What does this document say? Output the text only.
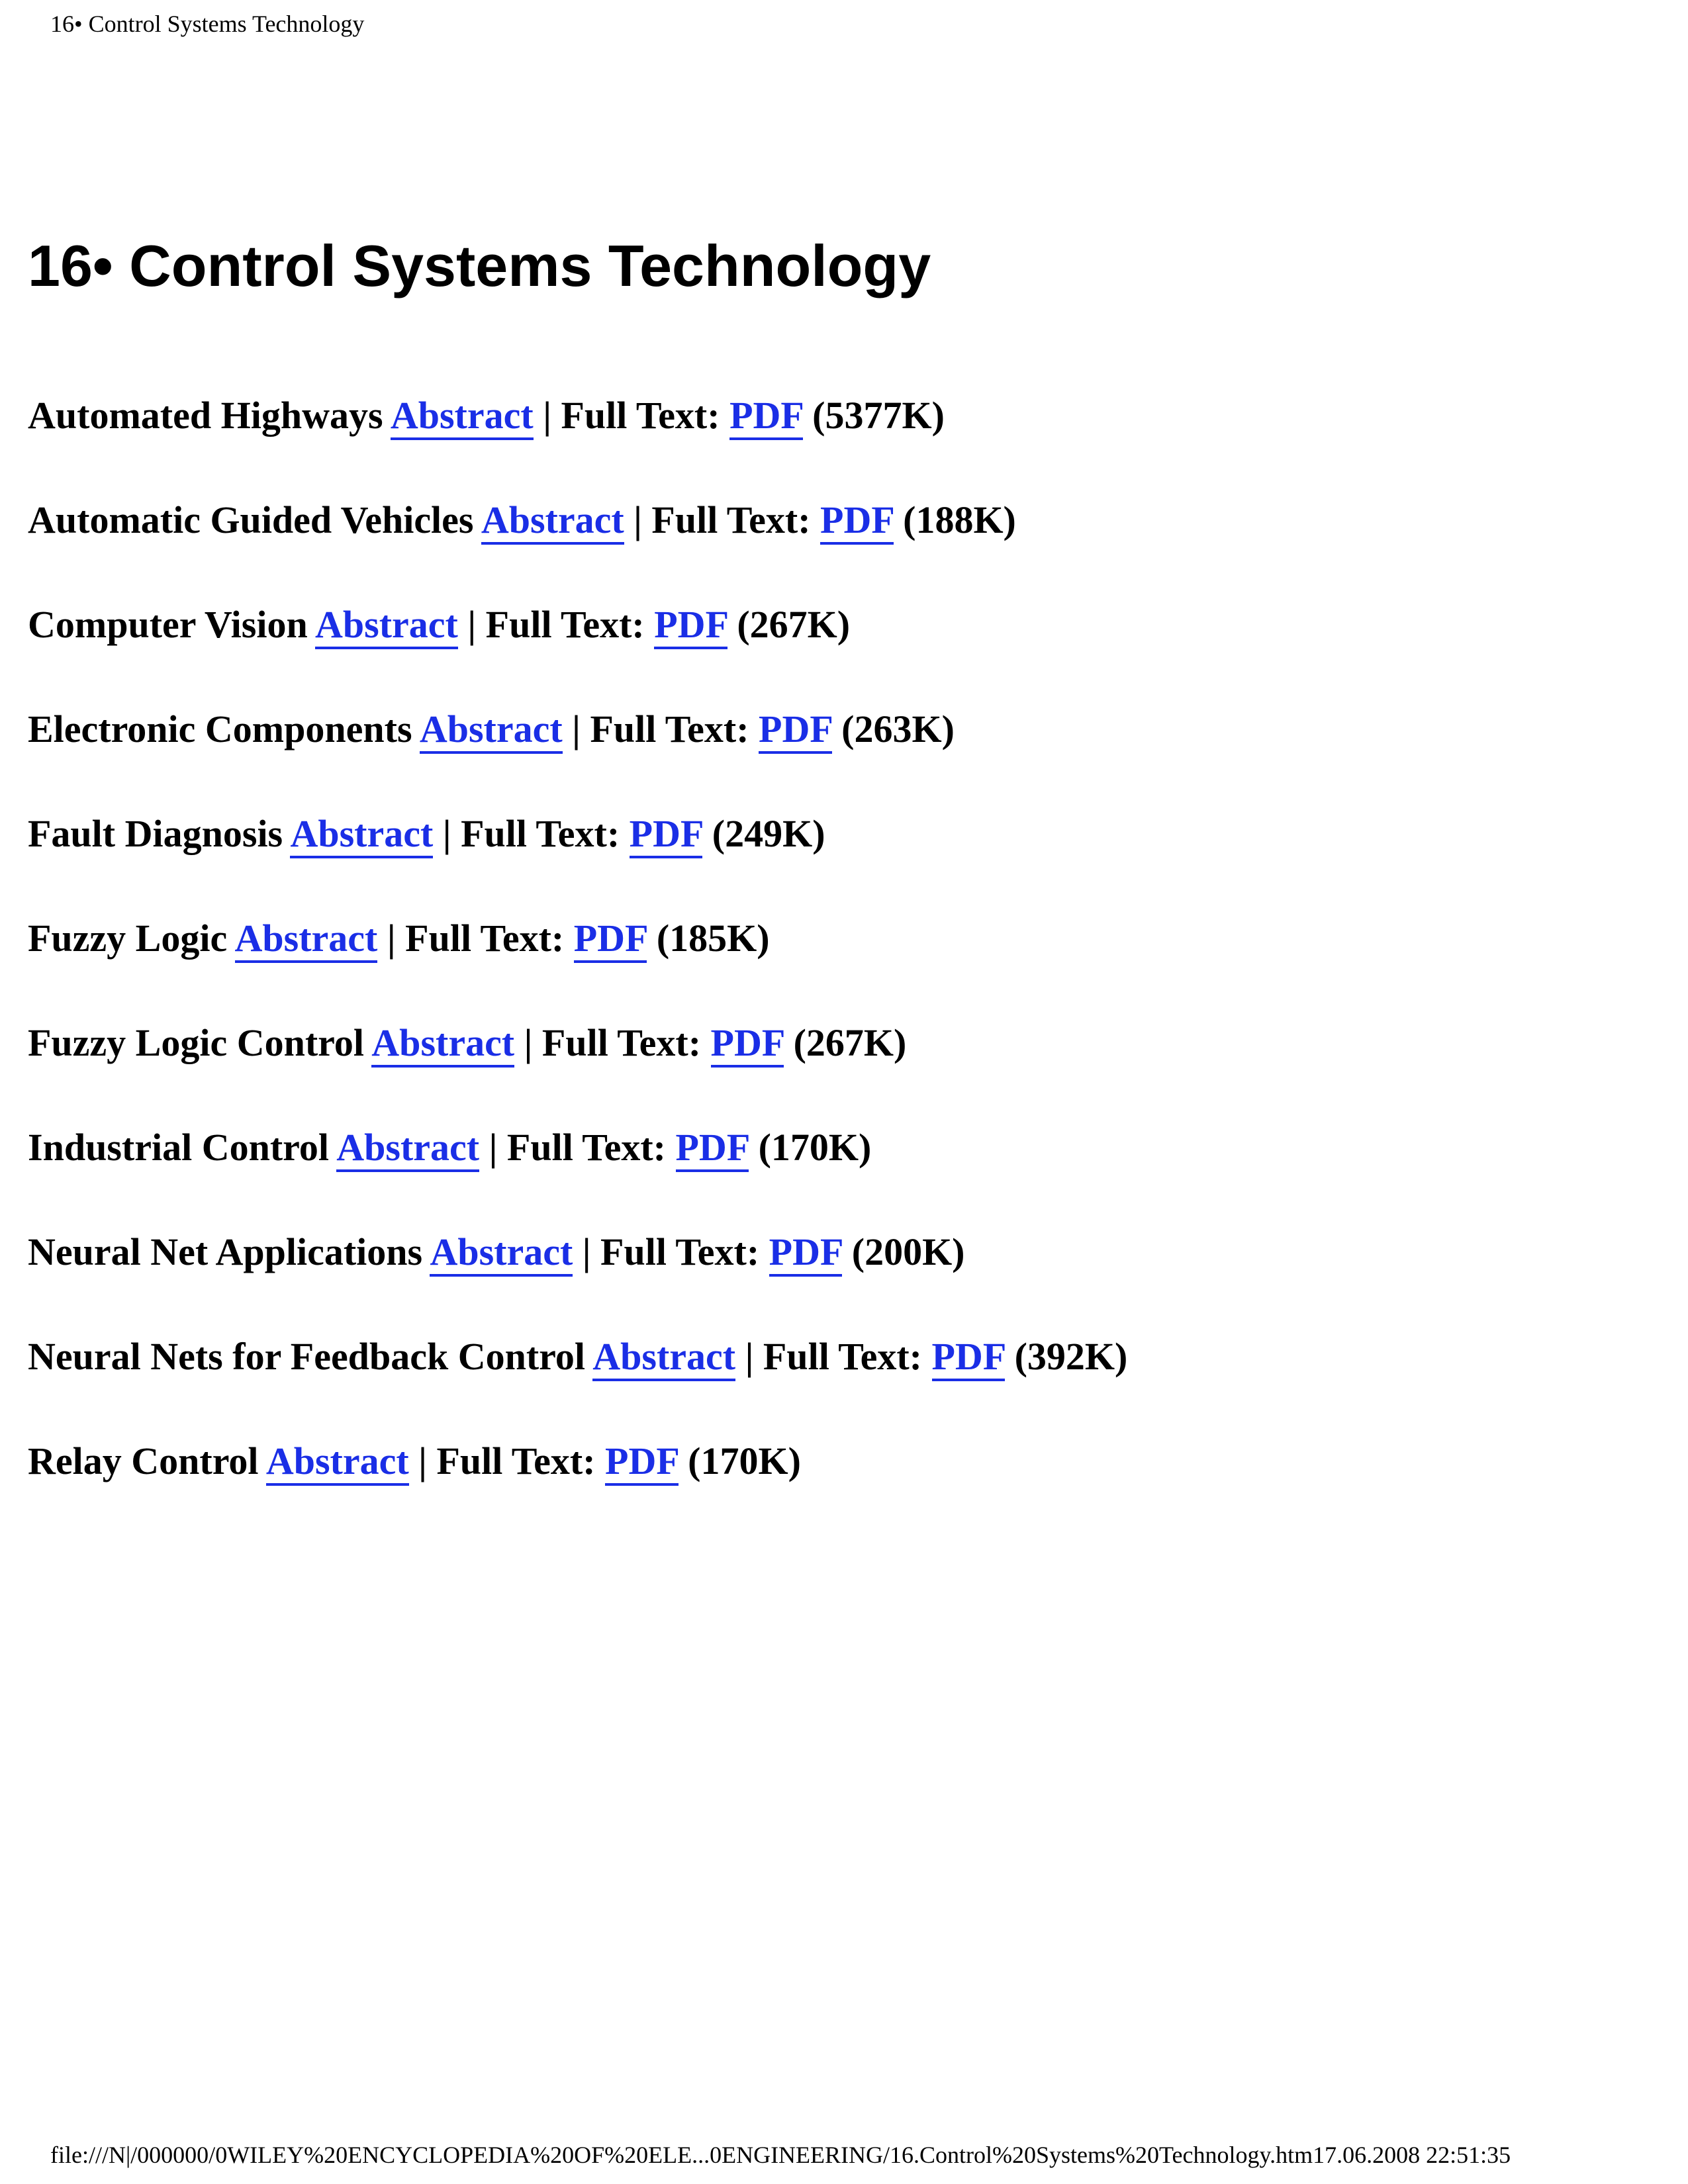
16• Control Systems Technology
16• Control Systems Technology
Automated Highways Abstract | Full Text: PDF (5377K)
Automatic Guided Vehicles Abstract | Full Text: PDF (188K)
Computer Vision Abstract | Full Text: PDF (267K)
Electronic Components Abstract | Full Text: PDF (263K)
Fault Diagnosis Abstract | Full Text: PDF (249K)
Fuzzy Logic Abstract | Full Text: PDF (185K)
Fuzzy Logic Control Abstract | Full Text: PDF (267K)
Industrial Control Abstract | Full Text: PDF (170K)
Neural Net Applications Abstract | Full Text: PDF (200K)
Neural Nets for Feedback Control Abstract | Full Text: PDF (392K)
Relay Control Abstract | Full Text: PDF (170K)
file:///N|/000000/0WILEY%20ENCYCLOPEDIA%20OF%20ELE...0ENGINEERING/16.Control%20Systems%20Technology.htm17.06.2008 22:51:35
